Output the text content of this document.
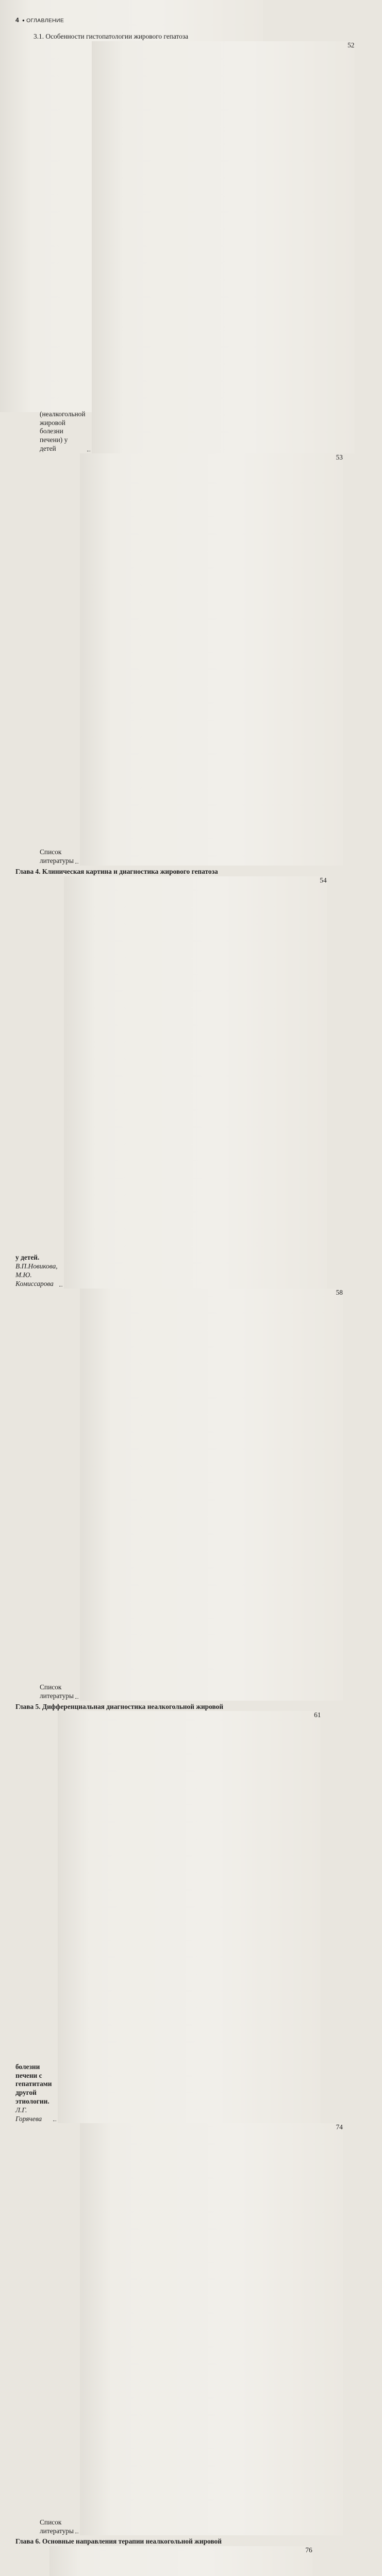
4 ● ОГЛАВЛЕНИЕ
3.1. Особенности гистопатологии жирового гепатоза
(неалкогольной жировой болезни печени) у детей
52
Список литературы
53
Глава 4. Клиническая картина и диагностика жирового гепатоза
у детей. В.П.Новикова, М.Ю. Комиссарова
54
Список литературы
58
Глава 5. Дифференциальная диагностика неалкогольной жировой
болезни печени с гепатитами другой этиологии. Л.Г. Горячева
61
Список литературы
74
Глава 6. Основные направления терапии неалкогольной жировой
76
